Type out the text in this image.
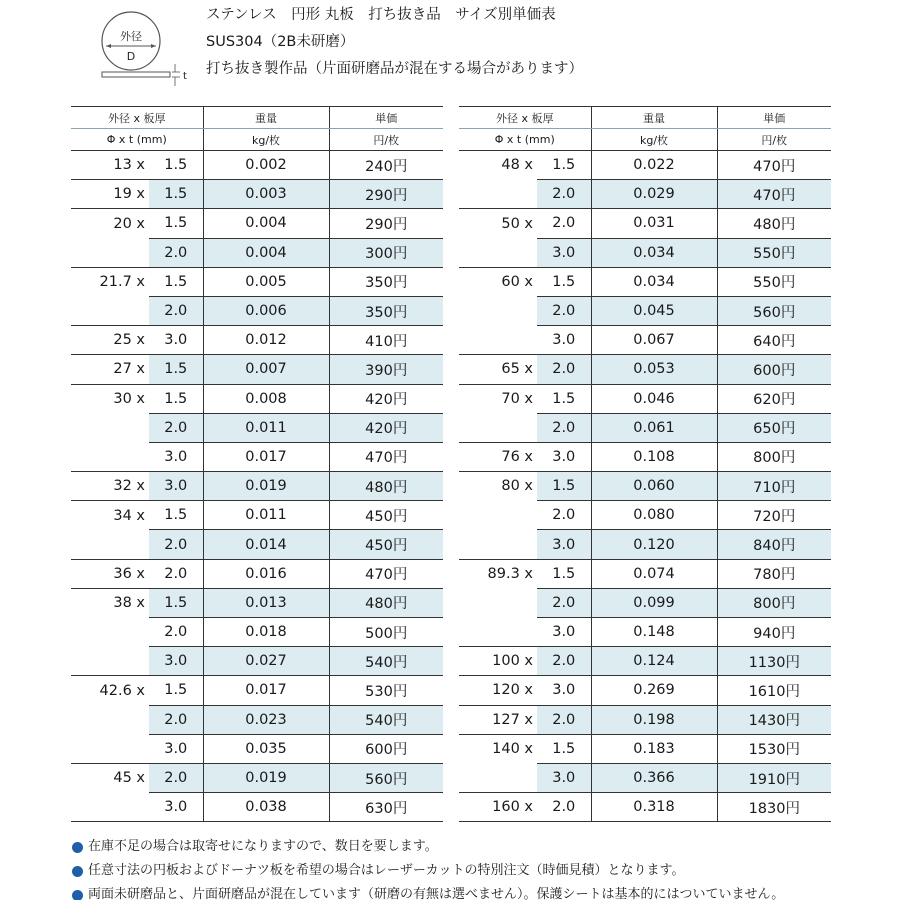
外径
D
t
ステンレス　円形 丸板　打ち抜き品　サイズ別単価表
SUS304（2B未研磨）
打ち抜き製作品（片面研磨品が混在する場合があります）
外径 x 板厚		重量	単価
Φ x t (mm)		kg/枚	円/枚
13 x	1.5	0.002	240円
19 x	1.5	0.003	290円
20 x	1.5	0.004	290円
	2.0	0.004	300円
21.7 x	1.5	0.005	350円
	2.0	0.006	350円
25 x	3.0	0.012	410円
27 x	1.5	0.007	390円
30 x	1.5	0.008	420円
	2.0	0.011	420円
	3.0	0.017	470円
32 x	3.0	0.019	480円
34 x	1.5	0.011	450円
	2.0	0.014	450円
36 x	2.0	0.016	470円
38 x	1.5	0.013	480円
	2.0	0.018	500円
	3.0	0.027	540円
42.6 x	1.5	0.017	530円
	2.0	0.023	540円
	3.0	0.035	600円
45 x	2.0	0.019	560円
	3.0	0.038	630円
外径 x 板厚		重量	単価
Φ x t (mm)		kg/枚	円/枚
48 x	1.5	0.022	470円
	2.0	0.029	470円
50 x	2.0	0.031	480円
	3.0	0.034	550円
60 x	1.5	0.034	550円
	2.0	0.045	560円
	3.0	0.067	640円
65 x	2.0	0.053	600円
70 x	1.5	0.046	620円
	2.0	0.061	650円
76 x	3.0	0.108	800円
80 x	1.5	0.060	710円
	2.0	0.080	720円
	3.0	0.120	840円
89.3 x	1.5	0.074	780円
	2.0	0.099	800円
	3.0	0.148	940円
100 x	2.0	0.124	1130円
120 x	3.0	0.269	1610円
127 x	2.0	0.198	1430円
140 x	1.5	0.183	1530円
	3.0	0.366	1910円
160 x	2.0	0.318	1830円
在庫不足の場合は取寄せになりますので、数日を要します。
任意寸法の円板およびドーナツ板を希望の場合はレーザーカットの特別注文（時価見積）となります。
両面未研磨品と、片面研磨品が混在しています（研磨の有無は選べません）。保護シートは基本的にはついていません。
